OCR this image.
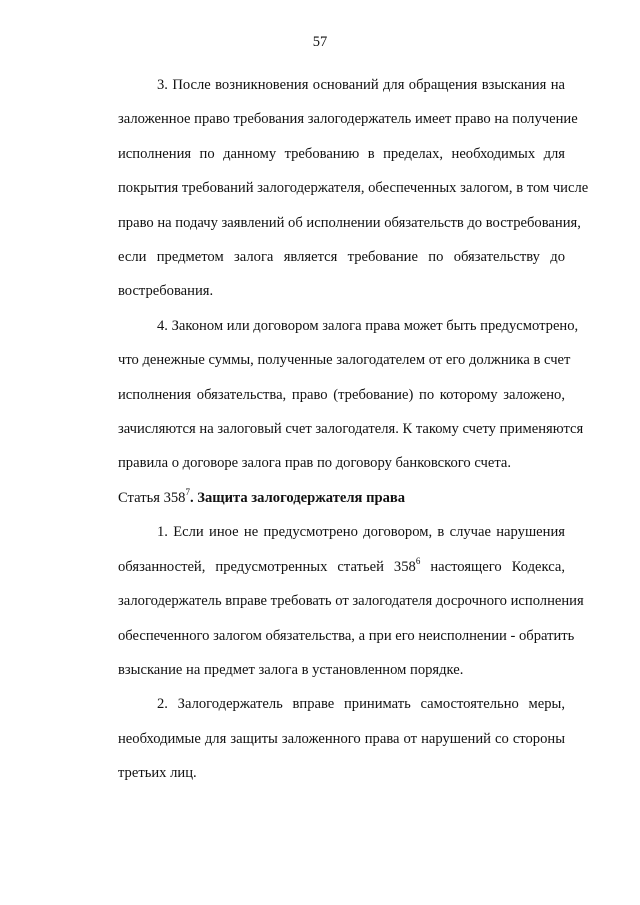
57
3. После возникновения оснований для обращения взыскания на
заложенное право требования залогодержатель имеет право на получение
исполнения по данному требованию в пределах, необходимых для
покрытия требований залогодержателя, обеспеченных залогом, в том числе
право на подачу заявлений об исполнении обязательств до востребования,
если предметом залога является требование по обязательству до
востребования.
4. Законом или договором залога права может быть предусмотрено,
что денежные суммы, полученные залогодателем от его должника в счет
исполнения обязательства, право (требование) по которому заложено,
зачисляются на залоговый счет залогодателя. К такому счету применяются
правила о договоре залога прав по договору банковского счета.
Статья $358^7$. Защита залогодержателя права
1. Если иное не предусмотрено договором, в случае нарушения
обязанностей, предусмотренных статьей $358^6$ настоящего Кодекса,
залогодержатель вправе требовать от залогодателя досрочного исполнения
обеспеченного залогом обязательства, а при его неисполнении - обратить
взыскание на предмет залога в установленном порядке.
2. Залогодержатель вправе принимать самостоятельно меры,
необходимые для защиты заложенного права от нарушений со стороны
третьих лиц.
